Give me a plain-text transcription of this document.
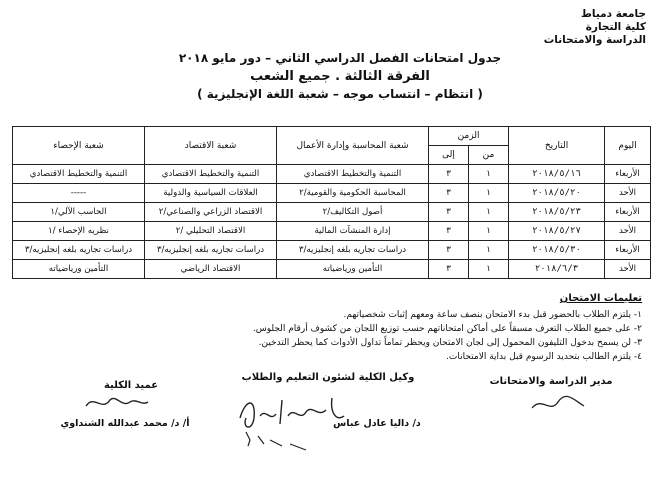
جامعة دمياط
كلية التجارة
الدراسة والامتحانات
جدول امتحانات الفصل الدراسي الثاني – دور مايو ٢٠١٨
الفرقة الثالثة . جميع الشعب
( انتظام – انتساب موجه – شعبة اللغة الإنجليزية )
اليوم	التاريخ	الزمن		شعبة المحاسبة وإدارة الأعمال	شعبة الاقتصاد	شعبة الإحصاء
		من	إلى			
الأربعاء	٢٠١٨/٥/١٦	١	٣	التنمية والتخطيط الاقتصادي	التنمية والتخطيط الاقتصادي	التنمية والتخطيط الاقتصادي
الأحد	٢٠١٨/٥/٢٠	١	٣	المحاسبة الحكومية والقومية/٢	العلاقات السياسية والدولية	-----
الأربعاء	٢٠١٨/٥/٢٣	١	٣	أصول التكاليف/٢	الاقتصاد الزراعي والصناعي/٢	الحاسب الآلي/١
الأحد	٢٠١٨/٥/٢٧	١	٣	إدارة المنشآت المالية	الاقتصاد التحليلي /٢	نظريه الإحصاء /١
الأربعاء	٢٠١٨/٥/٣٠	١	٣	دراسات تجاريه بلغه إنجليزيه/٣	دراسات تجاريه بلغه إنجليزيه/٣	دراسات تجاريه بلغه إنجليزيه/٣
الأحد	٢٠١٨/٦/٣	١	٣	التأمين ورياضياته	الاقتصاد الرياضي	التأمين ورياضياته
تعليمات الامتحان
١- يلتزم الطلاب بالحضور قبل بدء الامتحان بنصف ساعة ومعهم إثبات شخصياتهم.
٢- على جميع الطلاب التعرف مسبقاً على أماكن امتحاناتهم حسب توزيع اللجان من كشوف أرقام الجلوس.
٣- لن يسمح بدخول التليفون المحمول إلى لجان الامتحان ويحظر تماماً تداول الأدوات كما يحظر التدخين.
٤- يلتزم الطالب بتحديد الرسوم قبل بداية الامتحانات.
مدير الدراسة والامتحانات
وكيل الكلية لشئون التعليم والطلاب
د/ داليا عادل عباس
عميد الكلية
أ/ د/ محمد عبدالله الشنداوي
